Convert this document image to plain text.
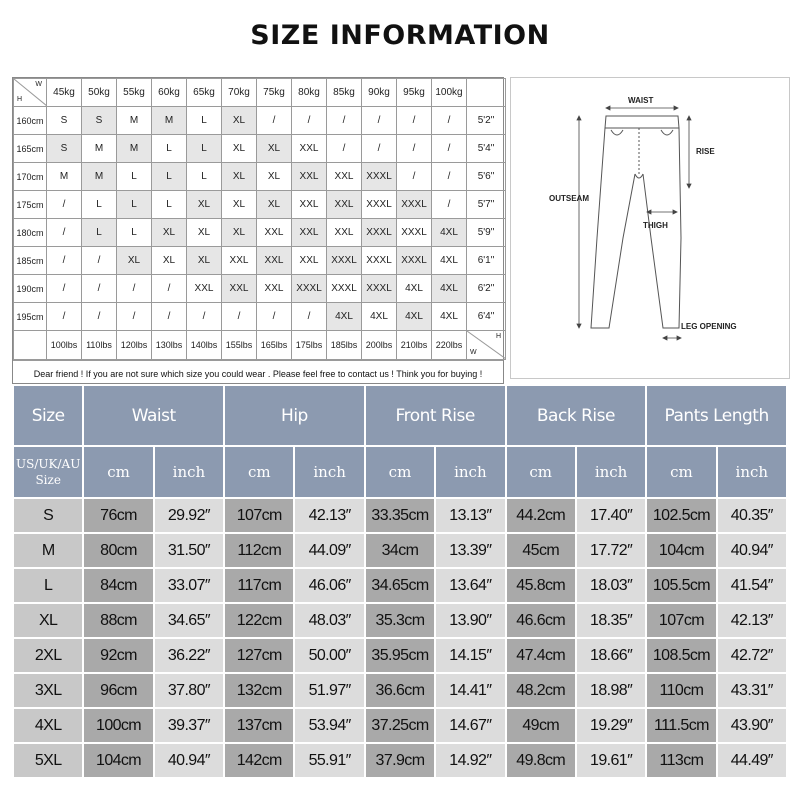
SIZE INFORMATION
H
W	45kg	50kg	55kg	60kg	65kg	70kg	75kg	80kg	85kg	90kg	95kg	100kg	
160cm	S	S	M	M	L	XL	/	/	/	/	/	/	5'2"
165cm	S	M	M	L	L	XL	XL	XXL	/	/	/	/	5'4"
170cm	M	M	L	L	L	XL	XL	XXL	XXL	XXXL	/	/	5'6"
175cm	/	L	L	L	XL	XL	XL	XXL	XXL	XXXL	XXXL	/	5'7"
180cm	/	L	L	XL	XL	XL	XXL	XXL	XXL	XXXL	XXXL	4XL	5'9"
185cm	/	/	XL	XL	XL	XXL	XXL	XXL	XXXL	XXXL	XXXL	4XL	6'1"
190cm	/	/	/	/	XXL	XXL	XXL	XXXL	XXXL	XXXL	4XL	4XL	6'2"
195cm	/	/	/	/	/	/	/	/	4XL	4XL	4XL	4XL	6'4"
	100lbs	110lbs	120lbs	130lbs	140lbs	155lbs	165lbs	175lbs	185lbs	200lbs	210lbs	220lbs	W
H
Dear friend ! If you are not sure which size you could wear . Please feel free to contact us ! Think you for buying !
WAIST
RISE
OUTSEAM
THIGH
LEG OPENING
Size	Waist		Hip		Front Rise		Back Rise		Pants Length	
US/UK/AU Size	cm	inch	cm	inch	cm	inch	cm	inch	cm	inch
S	76cm	29.92″	107cm	42.13″	33.35cm	13.13″	44.2cm	17.40″	102.5cm	40.35″
M	80cm	31.50″	112cm	44.09″	34cm	13.39″	45cm	17.72″	104cm	40.94″
L	84cm	33.07″	117cm	46.06″	34.65cm	13.64″	45.8cm	18.03″	105.5cm	41.54″
XL	88cm	34.65″	122cm	48.03″	35.3cm	13.90″	46.6cm	18.35″	107cm	42.13″
2XL	92cm	36.22″	127cm	50.00″	35.95cm	14.15″	47.4cm	18.66″	108.5cm	42.72″
3XL	96cm	37.80″	132cm	51.97″	36.6cm	14.41″	48.2cm	18.98″	110cm	43.31″
4XL	100cm	39.37″	137cm	53.94″	37.25cm	14.67″	49cm	19.29″	111.5cm	43.90″
5XL	104cm	40.94″	142cm	55.91″	37.9cm	14.92″	49.8cm	19.61″	113cm	44.49″
